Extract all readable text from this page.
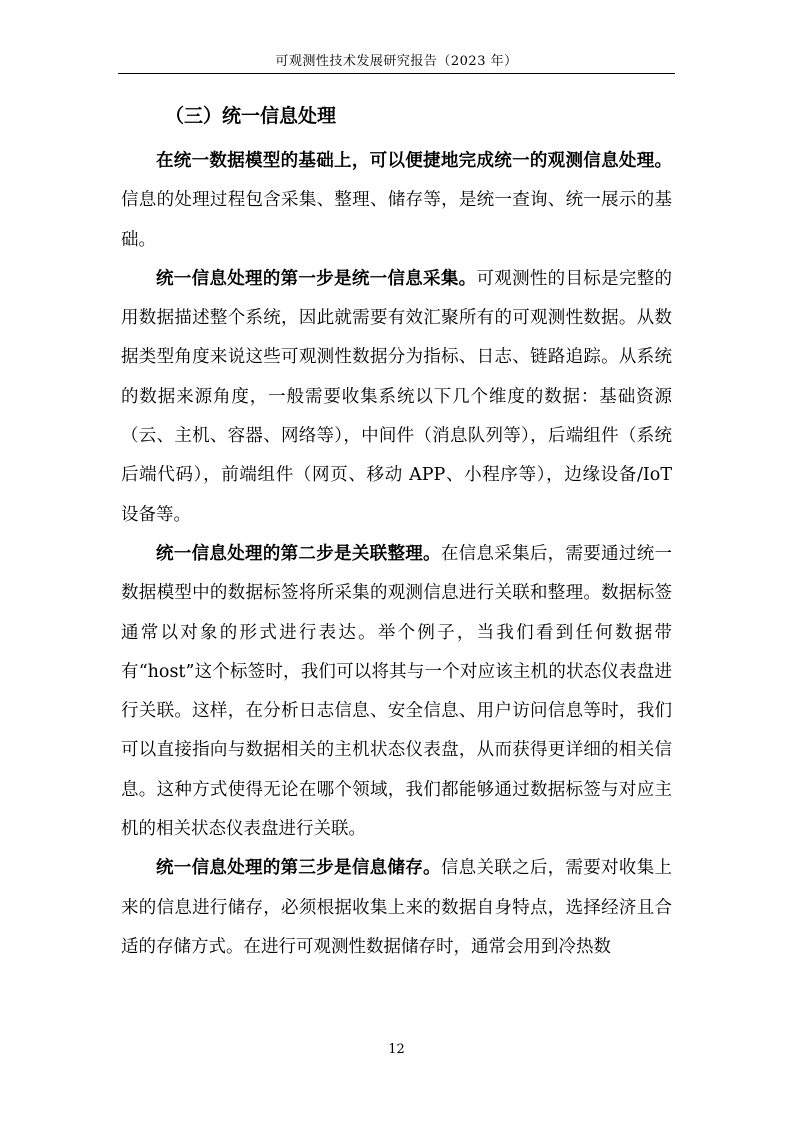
可观测性技术发展研究报告（2023 年）
（三）统一信息处理

在统一数据模型的基础上，可以便捷地完成统一的观测信息处理。信息的处理过程包含采集、整理、储存等，是统一查询、统一展示的基础。

统一信息处理的第一步是统一信息采集。可观测性的目标是完整的用数据描述整个系统，因此就需要有效汇聚所有的可观测性数据。从数据类型角度来说这些可观测性数据分为指标、日志、链路追踪。从系统的数据来源角度，一般需要收集系统以下几个维度的数据：基础资源（云、主机、容器、网络等），中间件（消息队列等），后端组件（系统后端代码），前端组件（网页、移动 APP、小程序等），边缘设备/IoT 设备等。

统一信息处理的第二步是关联整理。在信息采集后，需要通过统一数据模型中的数据标签将所采集的观测信息进行关联和整理。数据标签通常以对象的形式进行表达。举个例子，当我们看到任何数据带有“host”这个标签时，我们可以将其与一个对应该主机的状态仪表盘进行关联。这样，在分析日志信息、安全信息、用户访问信息等时，我们可以直接指向与数据相关的主机状态仪表盘，从而获得更详细的相关信息。这种方式使得无论在哪个领域，我们都能够通过数据标签与对应主机的相关状态仪表盘进行关联。

统一信息处理的第三步是信息储存。信息关联之后，需要对收集上来的信息进行储存，必须根据收集上来的数据自身特点，选择经济且合适的存储方式。在进行可观测性数据储存时，通常会用到冷热数

12
